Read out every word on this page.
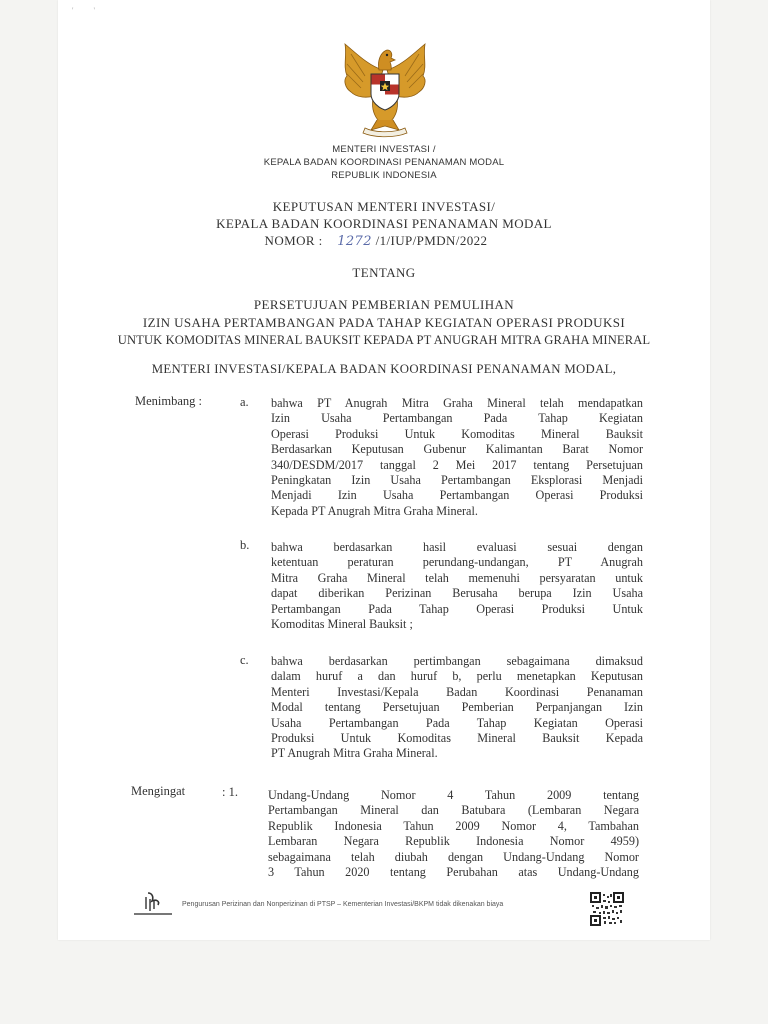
'          '
MENTERI INVESTASI /
KEPALA BADAN KOORDINASI PENANAMAN MODAL
REPUBLIK INDONESIA
KEPUTUSAN MENTERI INVESTASI/
KEPALA BADAN KOORDINASI PENANAMAN MODAL
NOMOR : 1272 /1/IUP/PMDN/2022
TENTANG
PERSETUJUAN PEMBERIAN PEMULIHAN
IZIN USAHA PERTAMBANGAN PADA TAHAP KEGIATAN OPERASI PRODUKSI
UNTUK KOMODITAS MINERAL BAUKSIT KEPADA PT ANUGRAH MITRA GRAHA MINERAL
MENTERI INVESTASI/KEPALA BADAN KOORDINASI PENANAMAN MODAL,
Menimbang :	a. bahwa PT Anugrah Mitra Graha Mineral telah mendapatkan
Izin Usaha Pertambangan Pada Tahap Kegiatan
Operasi Produksi Untuk Komoditas Mineral Bauksit
Berdasarkan Keputusan Gubenur Kalimantan Barat Nomor
340/DESDM/2017 tanggal 2 Mei 2017 tentang Persetujuan
Peningkatan Izin Usaha Pertambangan Eksplorasi Menjadi
Menjadi Izin Usaha Pertambangan Operasi Produksi
Kepada PT Anugrah Mitra Graha Mineral.
b. bahwa berdasarkan hasil evaluasi sesuai dengan
ketentuan peraturan perundang-undangan, PT Anugrah
Mitra Graha Mineral telah memenuhi persyaratan untuk
dapat diberikan Perizinan Berusaha berupa Izin Usaha
Pertambangan Pada Tahap Operasi Produksi Untuk
Komoditas Mineral Bauksit ;
c. bahwa berdasarkan pertimbangan sebagaimana dimaksud
dalam huruf a dan huruf b, perlu menetapkan Keputusan
Menteri Investasi/Kepala Badan Koordinasi Penanaman
Modal tentang Persetujuan Pemberian Perpanjangan Izin
Usaha Pertambangan Pada Tahap Kegiatan Operasi
Produksi Untuk Komoditas Mineral Bauksit Kepada
PT Anugrah Mitra Graha Mineral.
Mengingat	: 1. Undang-Undang Nomor 4 Tahun 2009 tentang
Pertambangan Mineral dan Batubara (Lembaran Negara
Republik Indonesia Tahun 2009 Nomor 4, Tambahan
Lembaran Negara Republik Indonesia Nomor 4959)
sebagaimana telah diubah dengan Undang-Undang Nomor
3 Tahun 2020 tentang Perubahan atas Undang-Undang
Pengurusan Perizinan dan Nonperizinan di PTSP – Kementerian Investasi/BKPM tidak dikenakan biaya
